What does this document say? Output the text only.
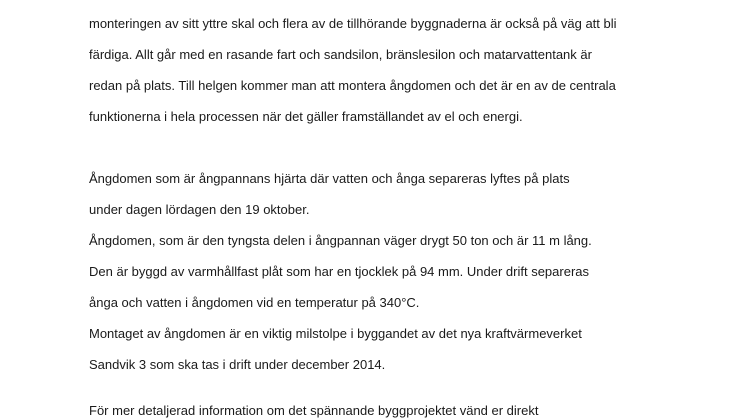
monteringen av sitt yttre skal och flera av de tillhörande byggnaderna är också på väg att bli
färdiga. Allt går med en rasande fart och sandsilon, bränslesilon och matarvattentank är
redan på plats. Till helgen kommer man att montera ångdomen och det är en av de centrala
funktionerna i hela processen när det gäller framställandet av el och energi.
Ångdomen som är ångpannans hjärta där vatten och ånga separeras lyftes på plats
under dagen lördagen den 19 oktober.
Ångdomen, som är den tyngsta delen i ångpannan väger drygt 50 ton och är 11 m lång.
Den är byggd av varmhållfast plåt som har en tjocklek på 94 mm. Under drift separeras
ånga och vatten i ångdomen vid en temperatur på 340°C.
Montaget av ångdomen är en viktig milstolpe i byggandet av det nya kraftvärmeverket
Sandvik 3 som ska tas i drift under december 2014.
För mer detaljerad information om det spännande byggprojektet vänd er direkt
